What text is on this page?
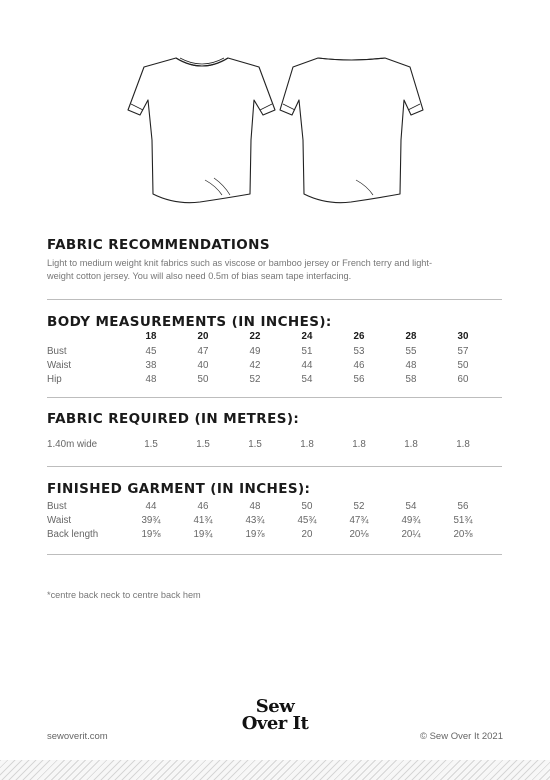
FABRIC RECOMMENDATIONS

Light to medium weight knit fabrics such as viscose or bamboo jersey or French terry and light-
weight cotton jersey. You will also need 0.5m of bias seam tape interfacing.

BODY MEASUREMENTS (IN INCHES):
18	20	22	24	26	28	30
Bust	45	47	49	51	53	55	57
Waist	38	40	42	44	46	48	50
Hip	48	50	52	54	56	58	60
FABRIC REQUIRED (IN METRES):
1.40m wide	1.5	1.5	1.5	1.8	1.8	1.8	1.8
FINISHED GARMENT (IN INCHES):
Bust	44	46	48	50	52	54	56
Waist	39¾	41¾	43¾	45¾	47¾	49¾	51¾
Back length	19⅝	19¾	19⅞	20	20⅛	20¼	20⅜

*centre back neck to centre back hem

sewoverit.com
Sew
Over It
© Sew Over It 2021
